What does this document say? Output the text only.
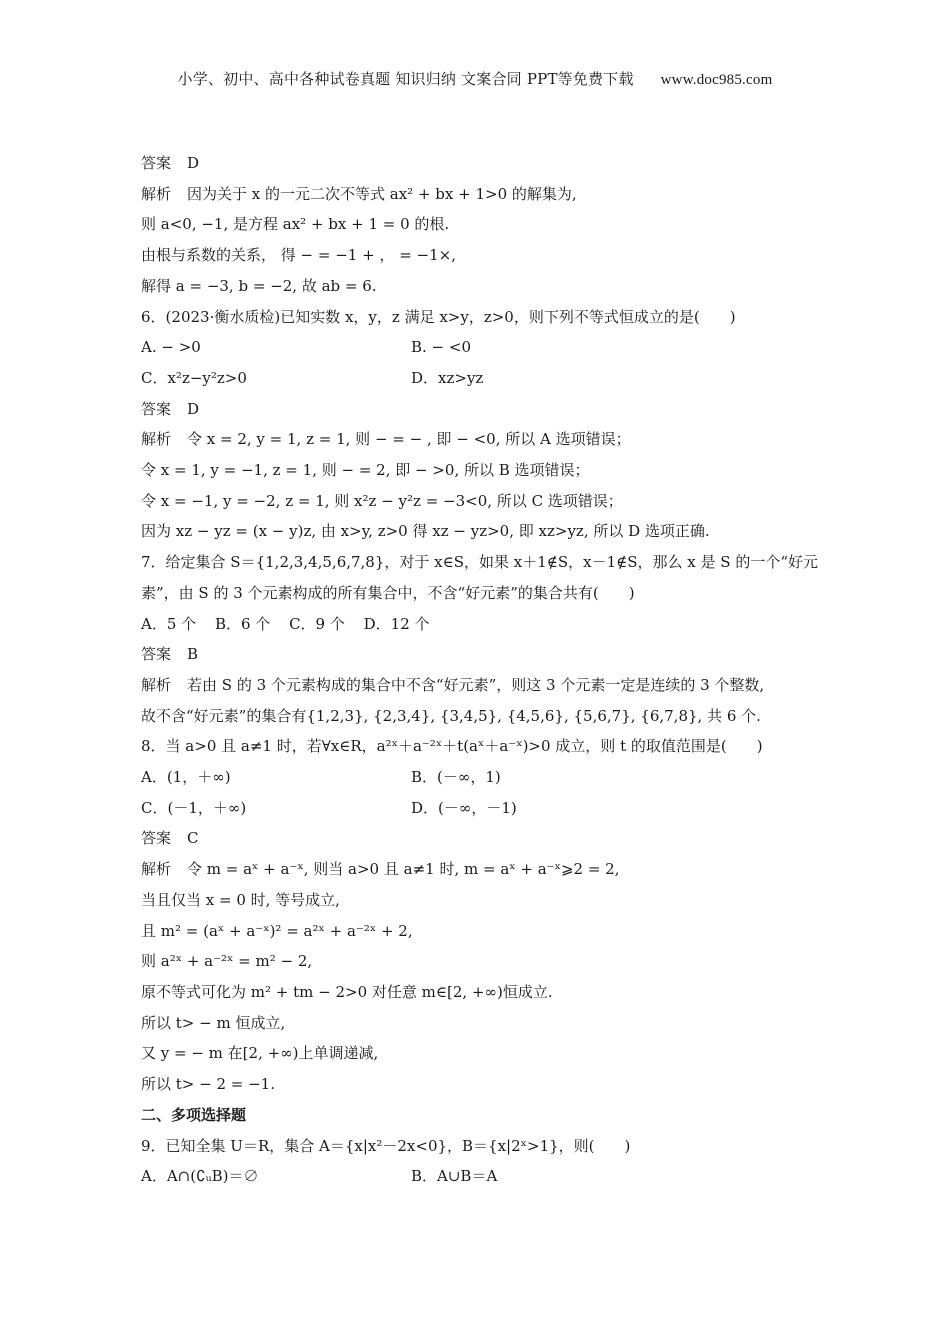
小学、初中、高中各种试卷真题 知识归纳 文案合同 PPT等免费下载 www.doc985.com
答案 D
解析 因为关于 x 的一元二次不等式 ax² + bx + 1>0 的解集为,
则 a<0, −1, 是方程 ax² + bx + 1 = 0 的根.
由根与系数的关系， 得 − = −1 + ， = −1×,
解得 a = −3, b = −2, 故 ab = 6.
6．(2023·衡水质检)已知实数 x，y，z 满足 x>y，z>0，则下列不等式恒成立的是(　　)
A. − >0	B. − <0
C．x²z−y²z>0	D．xz>yz
答案 D
解析 令 x = 2, y = 1, z = 1, 则 − = − , 即 − <0, 所以 A 选项错误；
令 x = 1, y = −1, z = 1, 则 − = 2, 即 − >0, 所以 B 选项错误；
令 x = −1, y = −2, z = 1, 则 x²z − y²z = −3<0, 所以 C 选项错误；
因为 xz − yz = (x − y)z, 由 x>y, z>0 得 xz − yz>0, 即 xz>yz, 所以 D 选项正确.
7．给定集合 S＝{1,2,3,4,5,6,7,8}，对于 x∈S，如果 x＋1∉S，x－1∉S，那么 x 是 S 的一个“好元素”，由 S 的 3 个元素构成的所有集合中，不含“好元素”的集合共有(　　)
A．5 个 B．6 个 C．9 个 D．12 个
答案 B
解析 若由 S 的 3 个元素构成的集合中不含“好元素”，则这 3 个元素一定是连续的 3 个整数,
故不含“好元素”的集合有{1,2,3}, {2,3,4}, {3,4,5}, {4,5,6}, {5,6,7}, {6,7,8}, 共 6 个.
8．当 a>0 且 a≠1 时，若∀x∈R，a²ˣ＋a⁻²ˣ＋t(aˣ＋a⁻ˣ)>0 成立，则 t 的取值范围是(　　)
A．(1，＋∞)	B．(－∞，1)
C．(－1，＋∞)	D．(－∞，－1)
答案 C
解析 令 m = aˣ + a⁻ˣ, 则当 a>0 且 a≠1 时, m = aˣ + a⁻ˣ⩾2 = 2,
当且仅当 x = 0 时, 等号成立,
且 m² = (aˣ + a⁻ˣ)² = a²ˣ + a⁻²ˣ + 2,
则 a²ˣ + a⁻²ˣ = m² − 2,
原不等式可化为 m² + tm − 2>0 对任意 m∈[2, +∞)恒成立.
所以 t> − m 恒成立,
又 y = − m 在[2, +∞)上单调递减,
所以 t> − 2 = −1.
二、多项选择题
9．已知全集 U＝R，集合 A＝{x|x²－2x<0}，B＝{x|2ˣ>1}，则(　　)
A．A∩(∁ᵤB)＝∅	B．A∪B＝A
